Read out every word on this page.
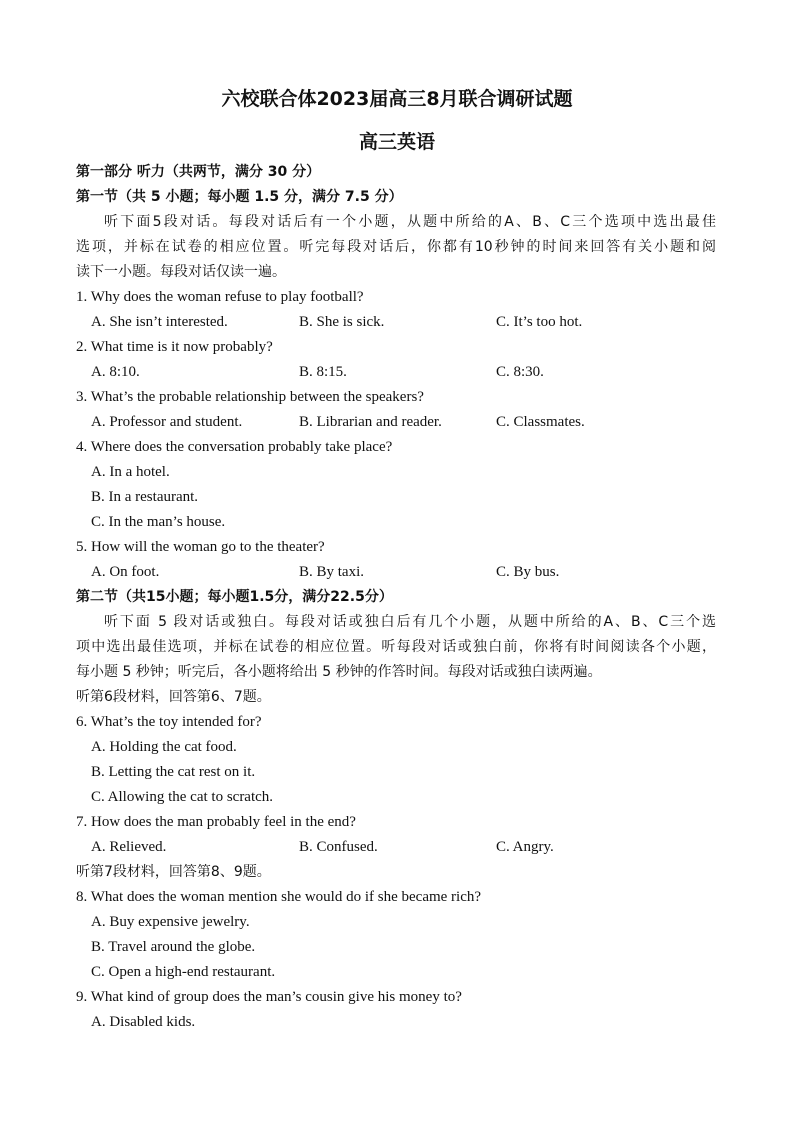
六校联合体2023届高三8月联合调研试题
高三英语
第一部分 听力（共两节，满分 30 分）
第一节（共 5 小题；每小题 1.5 分，满分 7.5 分）
听下面5段对话。每段对话后有一个小题，从题中所给的A、B、C三个选项中选出最佳
选项，并标在试卷的相应位置。听完每段对话后，你都有10秒钟的时间来回答有关小题和阅
读下一小题。每段对话仅读一遍。
1. Why does the woman refuse to play football?
A. She isn’t interested.	B. She is sick.	C. It’s too hot.
2. What time is it now probably?
A. 8:10.	B. 8:15.	C. 8:30.
3. What’s the probable relationship between the speakers?
A. Professor and student.	B. Librarian and reader.	C. Classmates.
4. Where does the conversation probably take place?
A. In a hotel.
B. In a restaurant.
C. In the man’s house.
5. How will the woman go to the theater?
A. On foot.	B. By taxi.	C. By bus.
第二节（共15小题；每小题1.5分，满分22.5分）
听下面 5 段对话或独白。每段对话或独白后有几个小题，从题中所给的A、B、C三个选
项中选出最佳选项，并标在试卷的相应位置。听每段对话或独白前，你将有时间阅读各个小题，
每小题 5 秒钟；听完后，各小题将给出 5 秒钟的作答时间。每段对话或独白读两遍。
听第6段材料，回答第6、7题。
6. What’s the toy intended for?
A. Holding the cat food.
B. Letting the cat rest on it.
C. Allowing the cat to scratch.
7. How does the man probably feel in the end?
A. Relieved.	B. Confused.	C. Angry.
听第7段材料，回答第8、9题。
8. What does the woman mention she would do if she became rich?
A. Buy expensive jewelry.
B. Travel around the globe.
C. Open a high-end restaurant.
9. What kind of group does the man’s cousin give his money to?
A. Disabled kids.
